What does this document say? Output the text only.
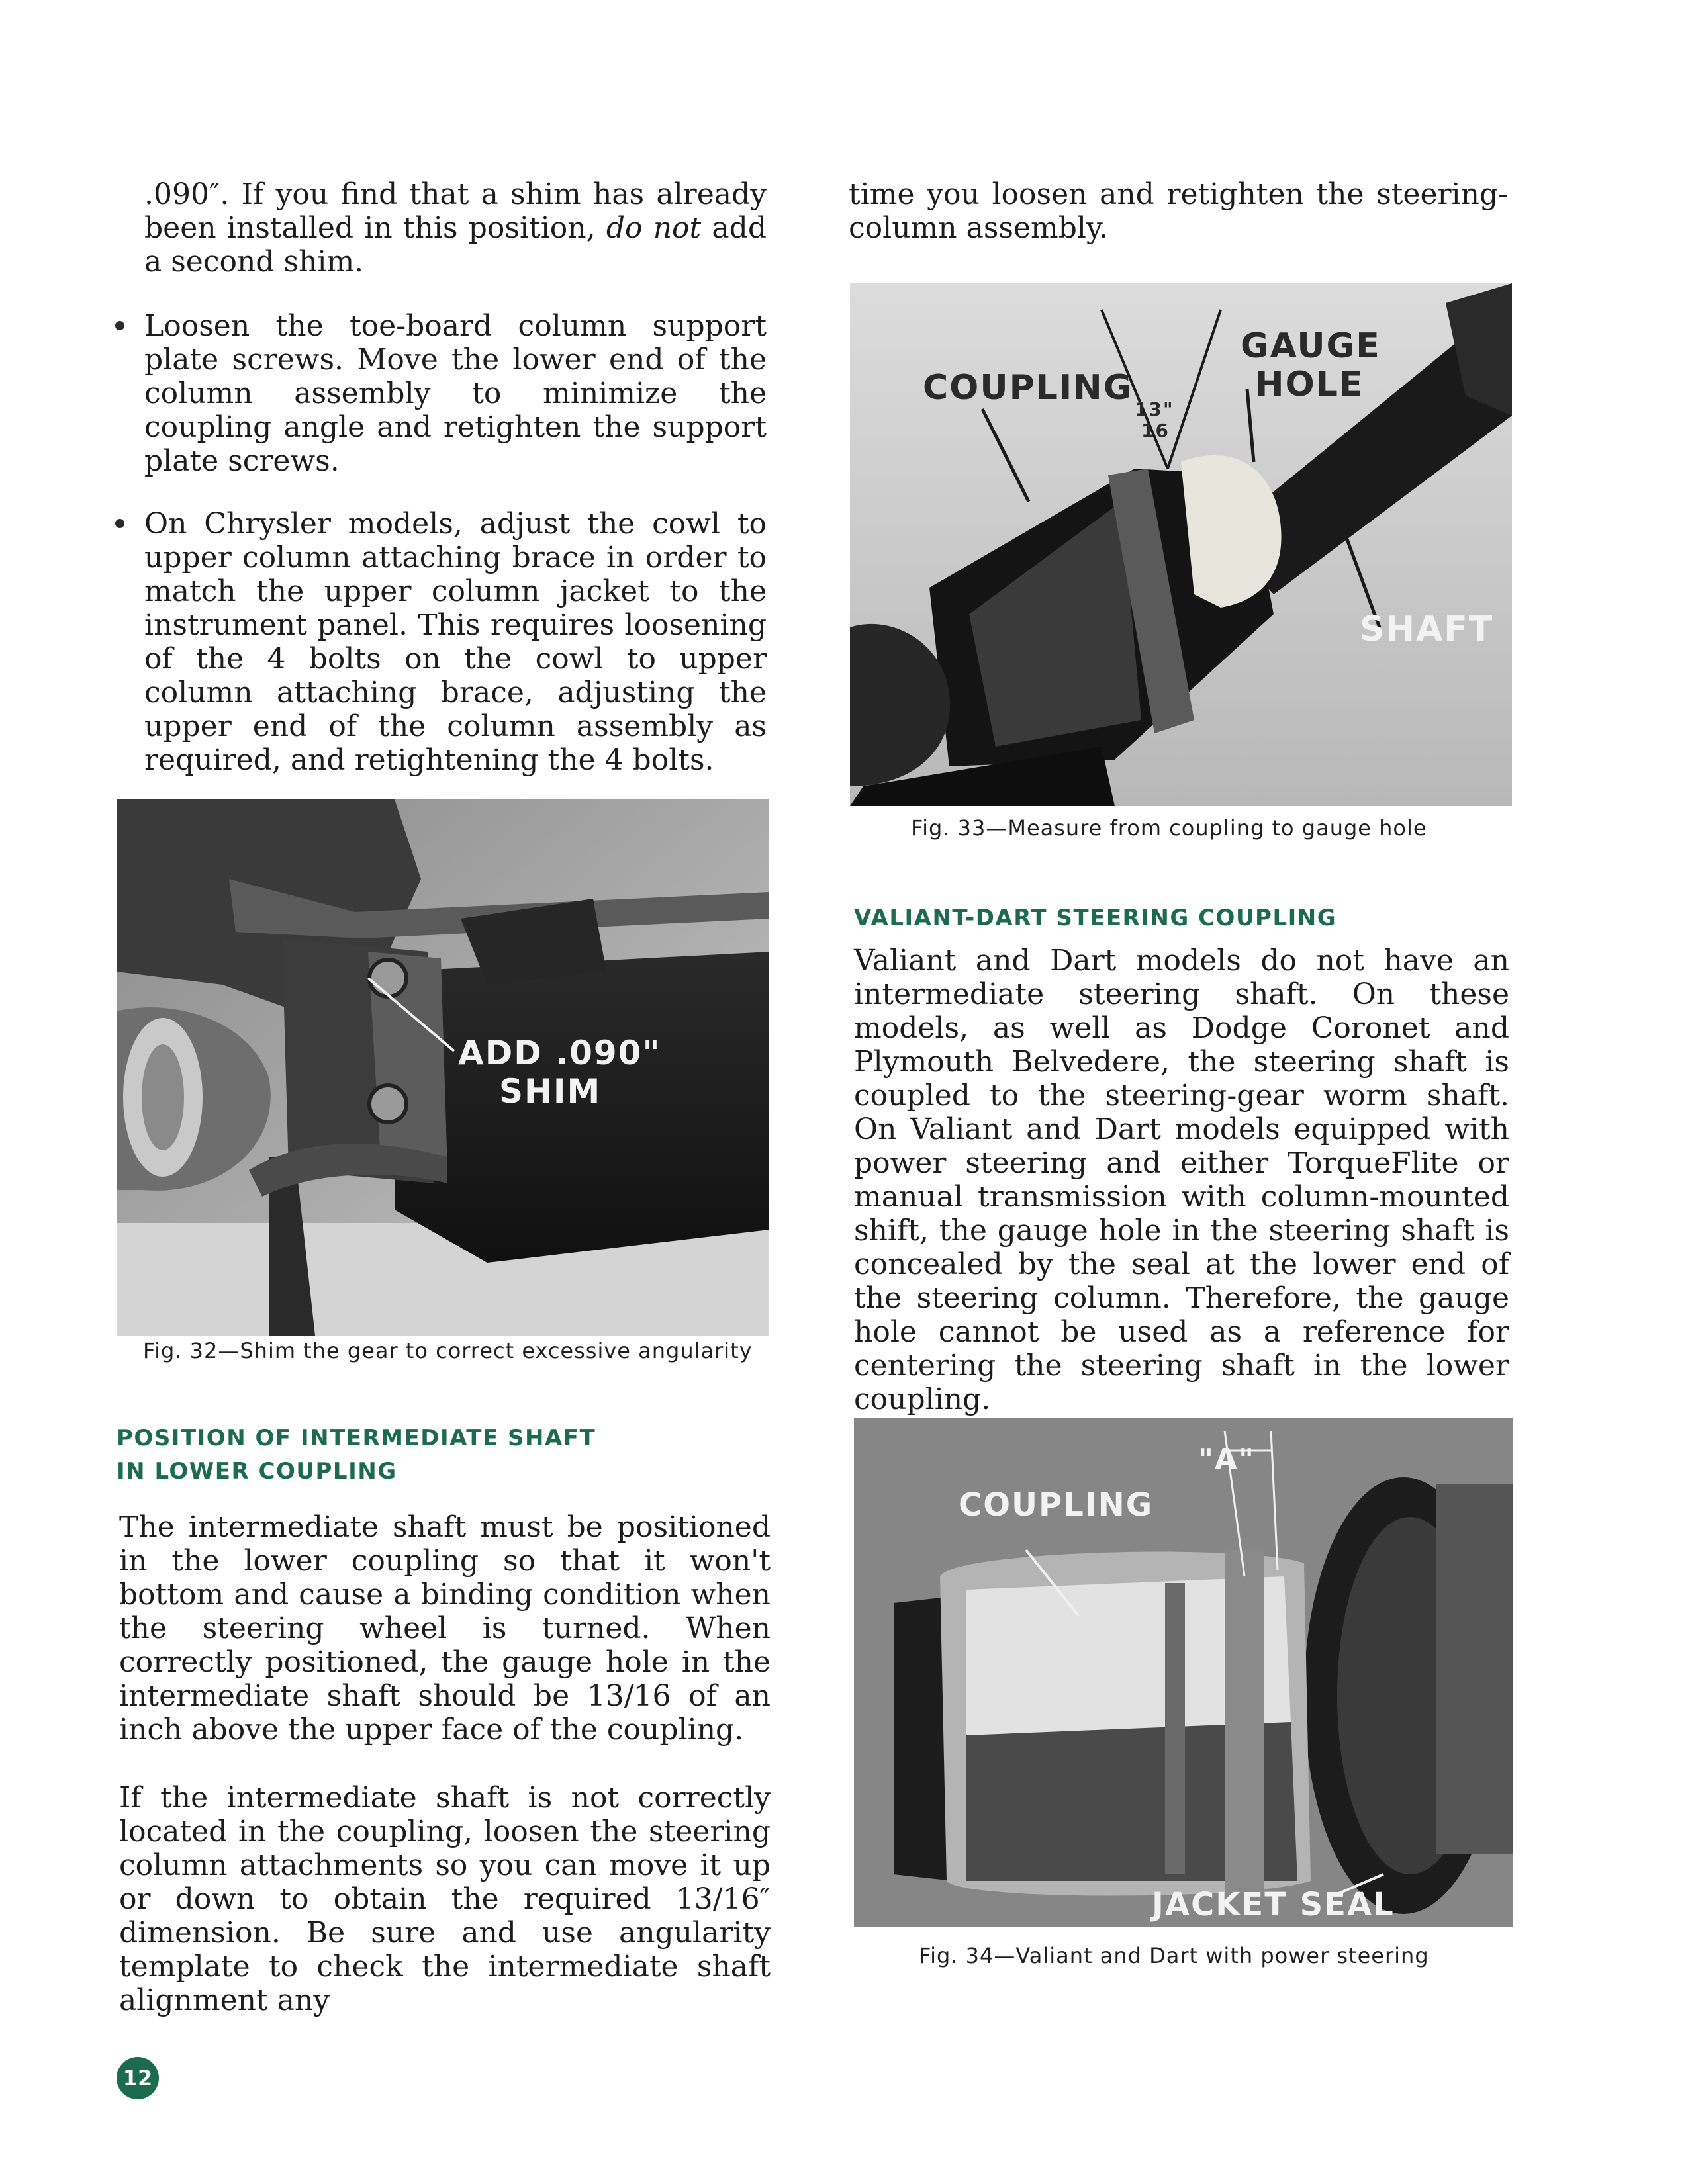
.090″. If you find that a shim has already been installed in this position, do not add a second shim.

Loosen the toe-board column support plate screws. Move the lower end of the column assembly to minimize the coupling angle and retighten the support plate screws.

On Chrysler models, adjust the cowl to upper column attaching brace in order to match the upper column jacket to the instrument panel. This requires loosening of the 4 bolts on the cowl to upper column attaching brace, adjusting the upper end of the column assembly as required, and retightening the 4 bolts.

ADD .090"
SHIM
Fig. 32—Shim the gear to correct excessive angularity
POSITION OF INTERMEDIATE SHAFT
IN LOWER COUPLING

The intermediate shaft must be positioned in the lower coupling so that it won't bottom and cause a binding condition when the steering wheel is turned. When correctly positioned, the gauge hole in the intermediate shaft should be 13/16 of an inch above the upper face of the coupling.

If the intermediate shaft is not correctly located in the coupling, loosen the steering column attachments so you can move it up or down to obtain the required 13/16″ dimension. Be sure and use angularity template to check the intermediate shaft alignment any

time you loosen and retighten the steering-column assembly.

COUPLING
GAUGE
HOLE
13"
16
SHAFT
Fig. 33—Measure from coupling to gauge hole
VALIANT-DART STEERING COUPLING

Valiant and Dart models do not have an intermediate steering shaft. On these models, as well as Dodge Coronet and Plymouth Belvedere, the steering shaft is coupled to the steering-gear worm shaft. On Valiant and Dart models equipped with power steering and either TorqueFlite or manual transmission with column-mounted shift, the gauge hole in the steering shaft is concealed by the seal at the lower end of the steering column. Therefore, the gauge hole cannot be used as a reference for centering the steering shaft in the lower coupling.

"A"
COUPLING
JACKET SEAL
Fig. 34—Valiant and Dart with power steering
12
